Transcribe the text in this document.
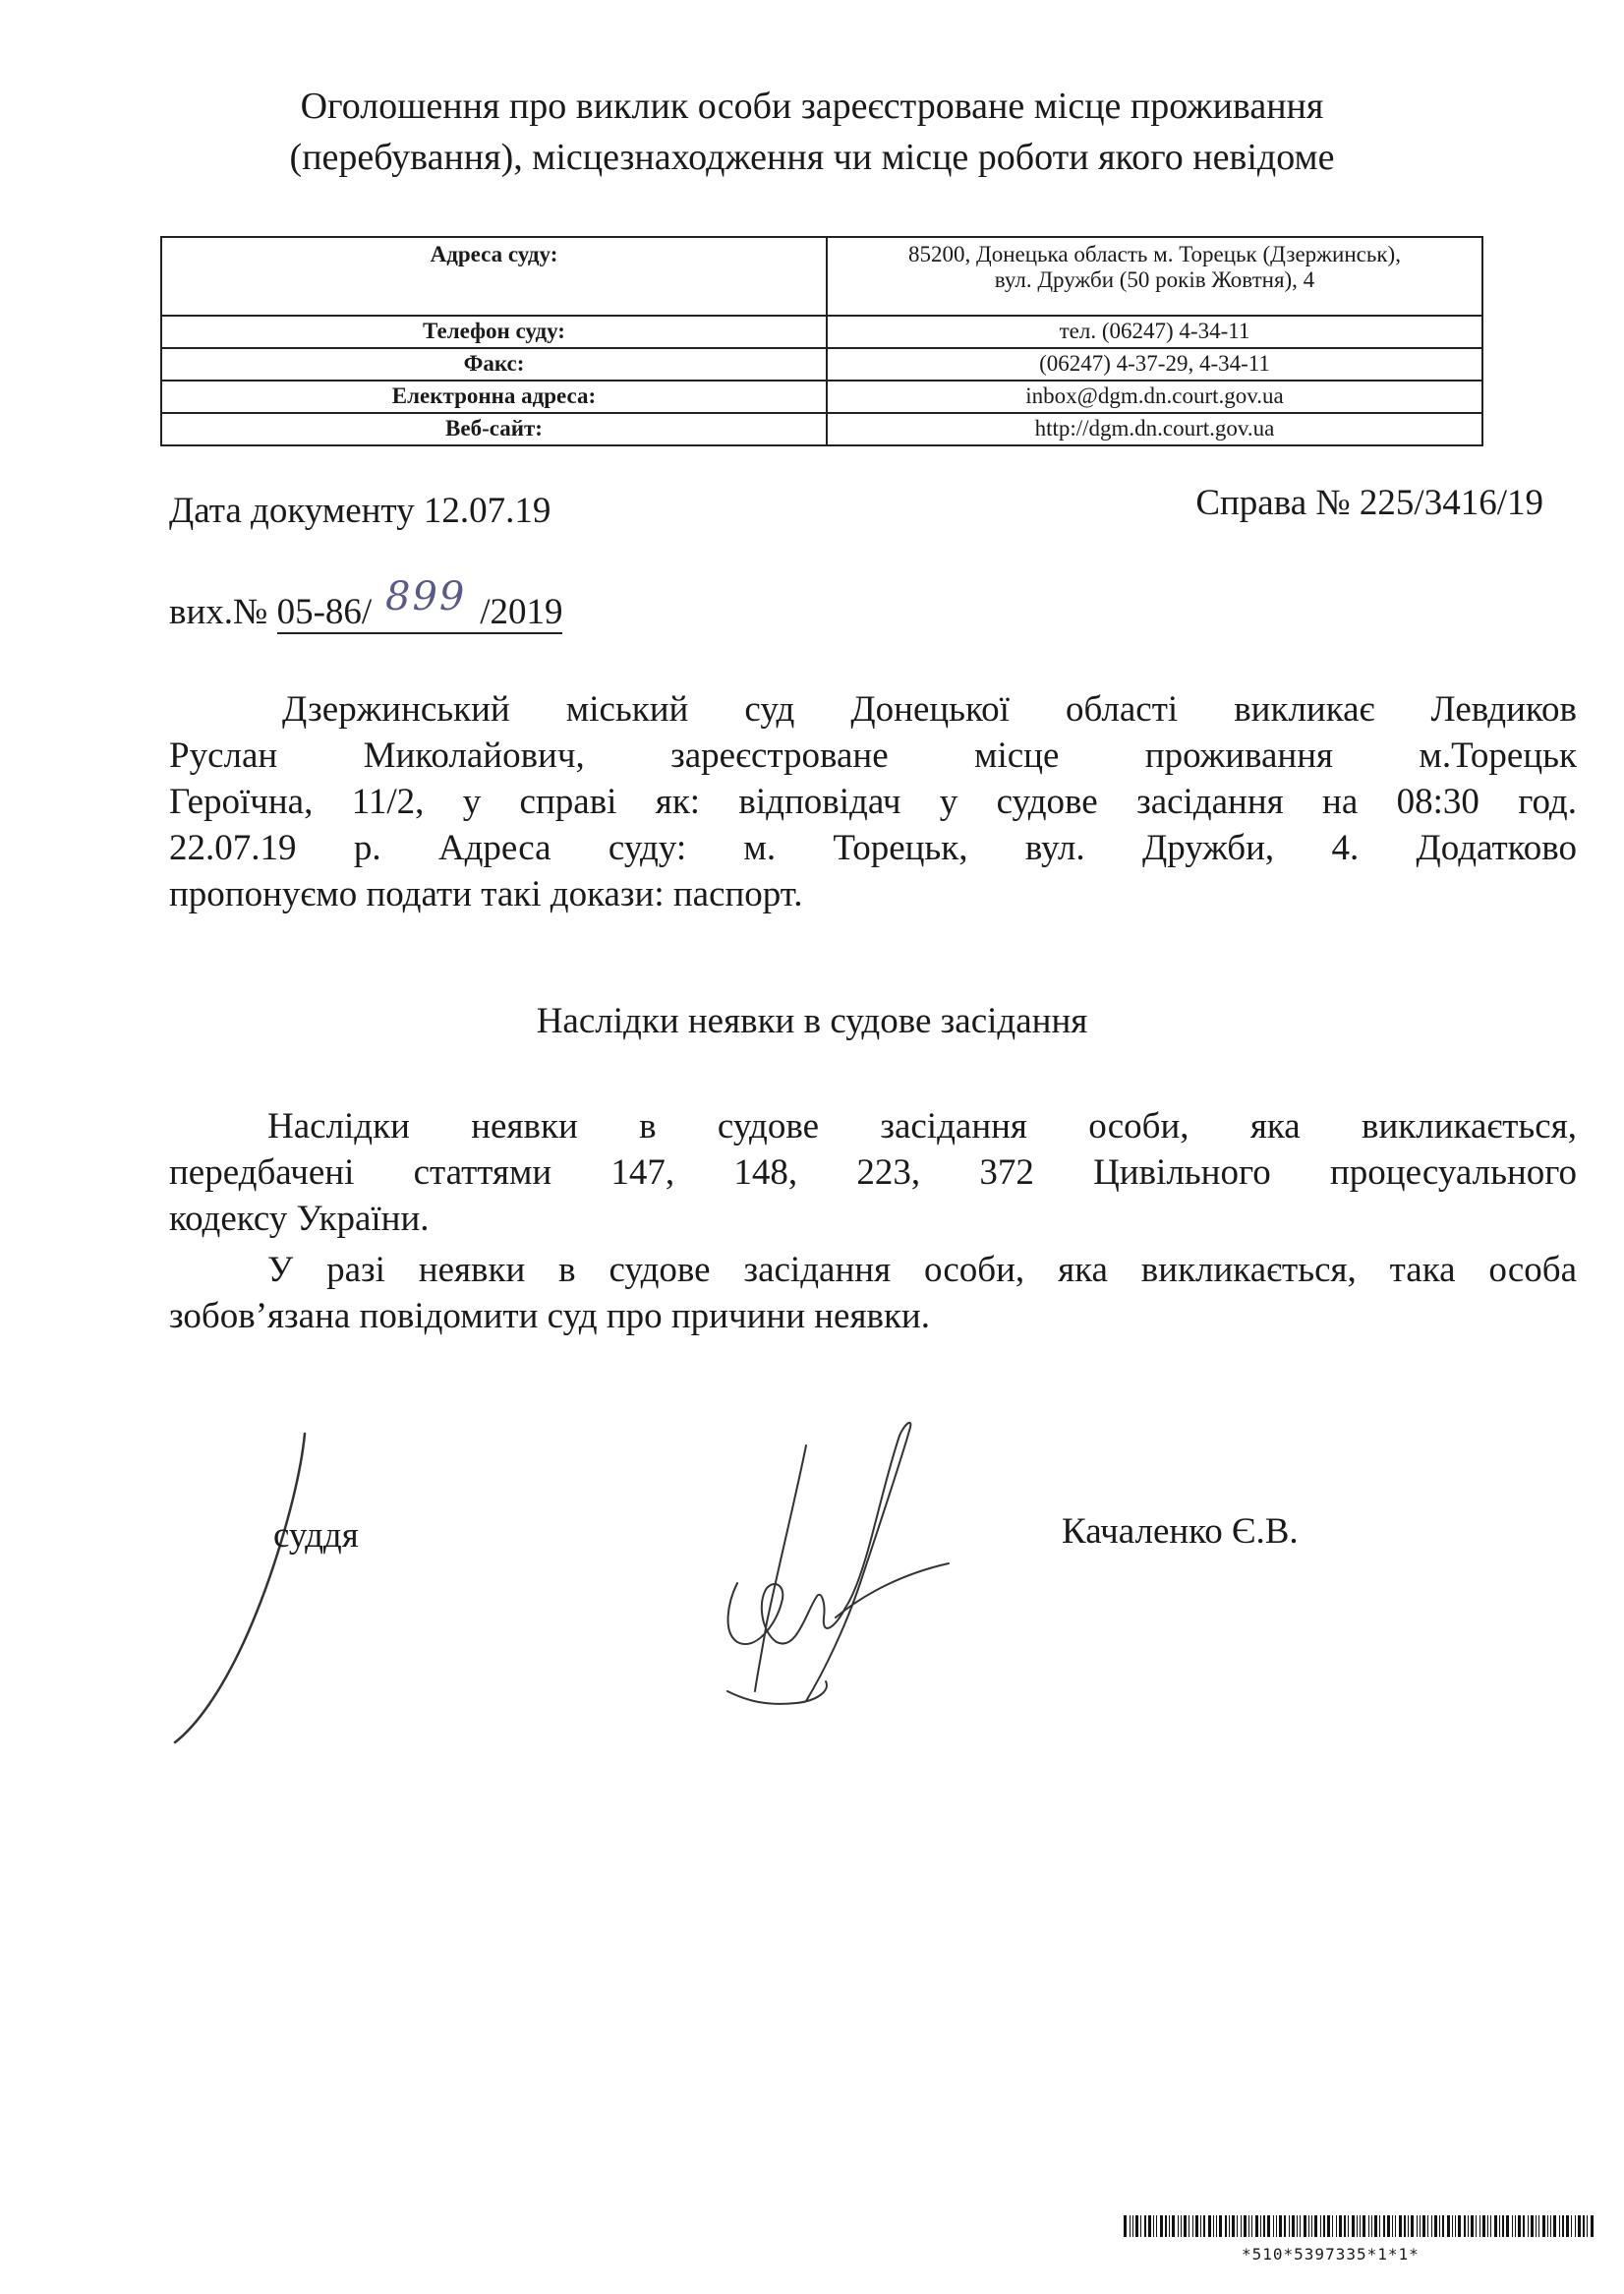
Оголошення про виклик особи зареєстроване місце проживання
(перебування), місцезнаходження чи місце роботи якого невідоме
Адреса суду:	85200, Донецька область м. Торецьк (Дзержинськ),
вул. Дружби (50 років Жовтня), 4

Телефон суду:	тел. (06247) 4-34-11
Факс:	(06247) 4-37-29, 4-34-11
Електронна адреса:	inbox@dgm.dn.court.gov.ua
Веб-сайт:	http://dgm.dn.court.gov.ua
Дата документу 12.07.19	Справа № 225/3416/19
вих.№ 05-86/ 899 /2019
Дзержинський міський суд Донецької області викликає Левдиков
Руслан Миколайович, зареєстроване місце проживання м.Торецьк
Героїчна, 11/2, у справі як: відповідач у судове засідання на 08:30 год.
22.07.19 р. Адреса суду: м. Торецьк, вул. Дружби, 4. Додатково
пропонуємо подати такі докази: паспорт.
Наслідки неявки в судове засідання
Наслідки неявки в судове засідання особи, яка викликається,
передбачені статтями 147, 148, 223, 372 Цивільного процесуального
кодексу України.
У разі неявки в судове засідання особи, яка викликається, така особа
зобов’язана повідомити суд про причини неявки.
суддя	Качаленко Є.В.
*510*5397335*1*1*
